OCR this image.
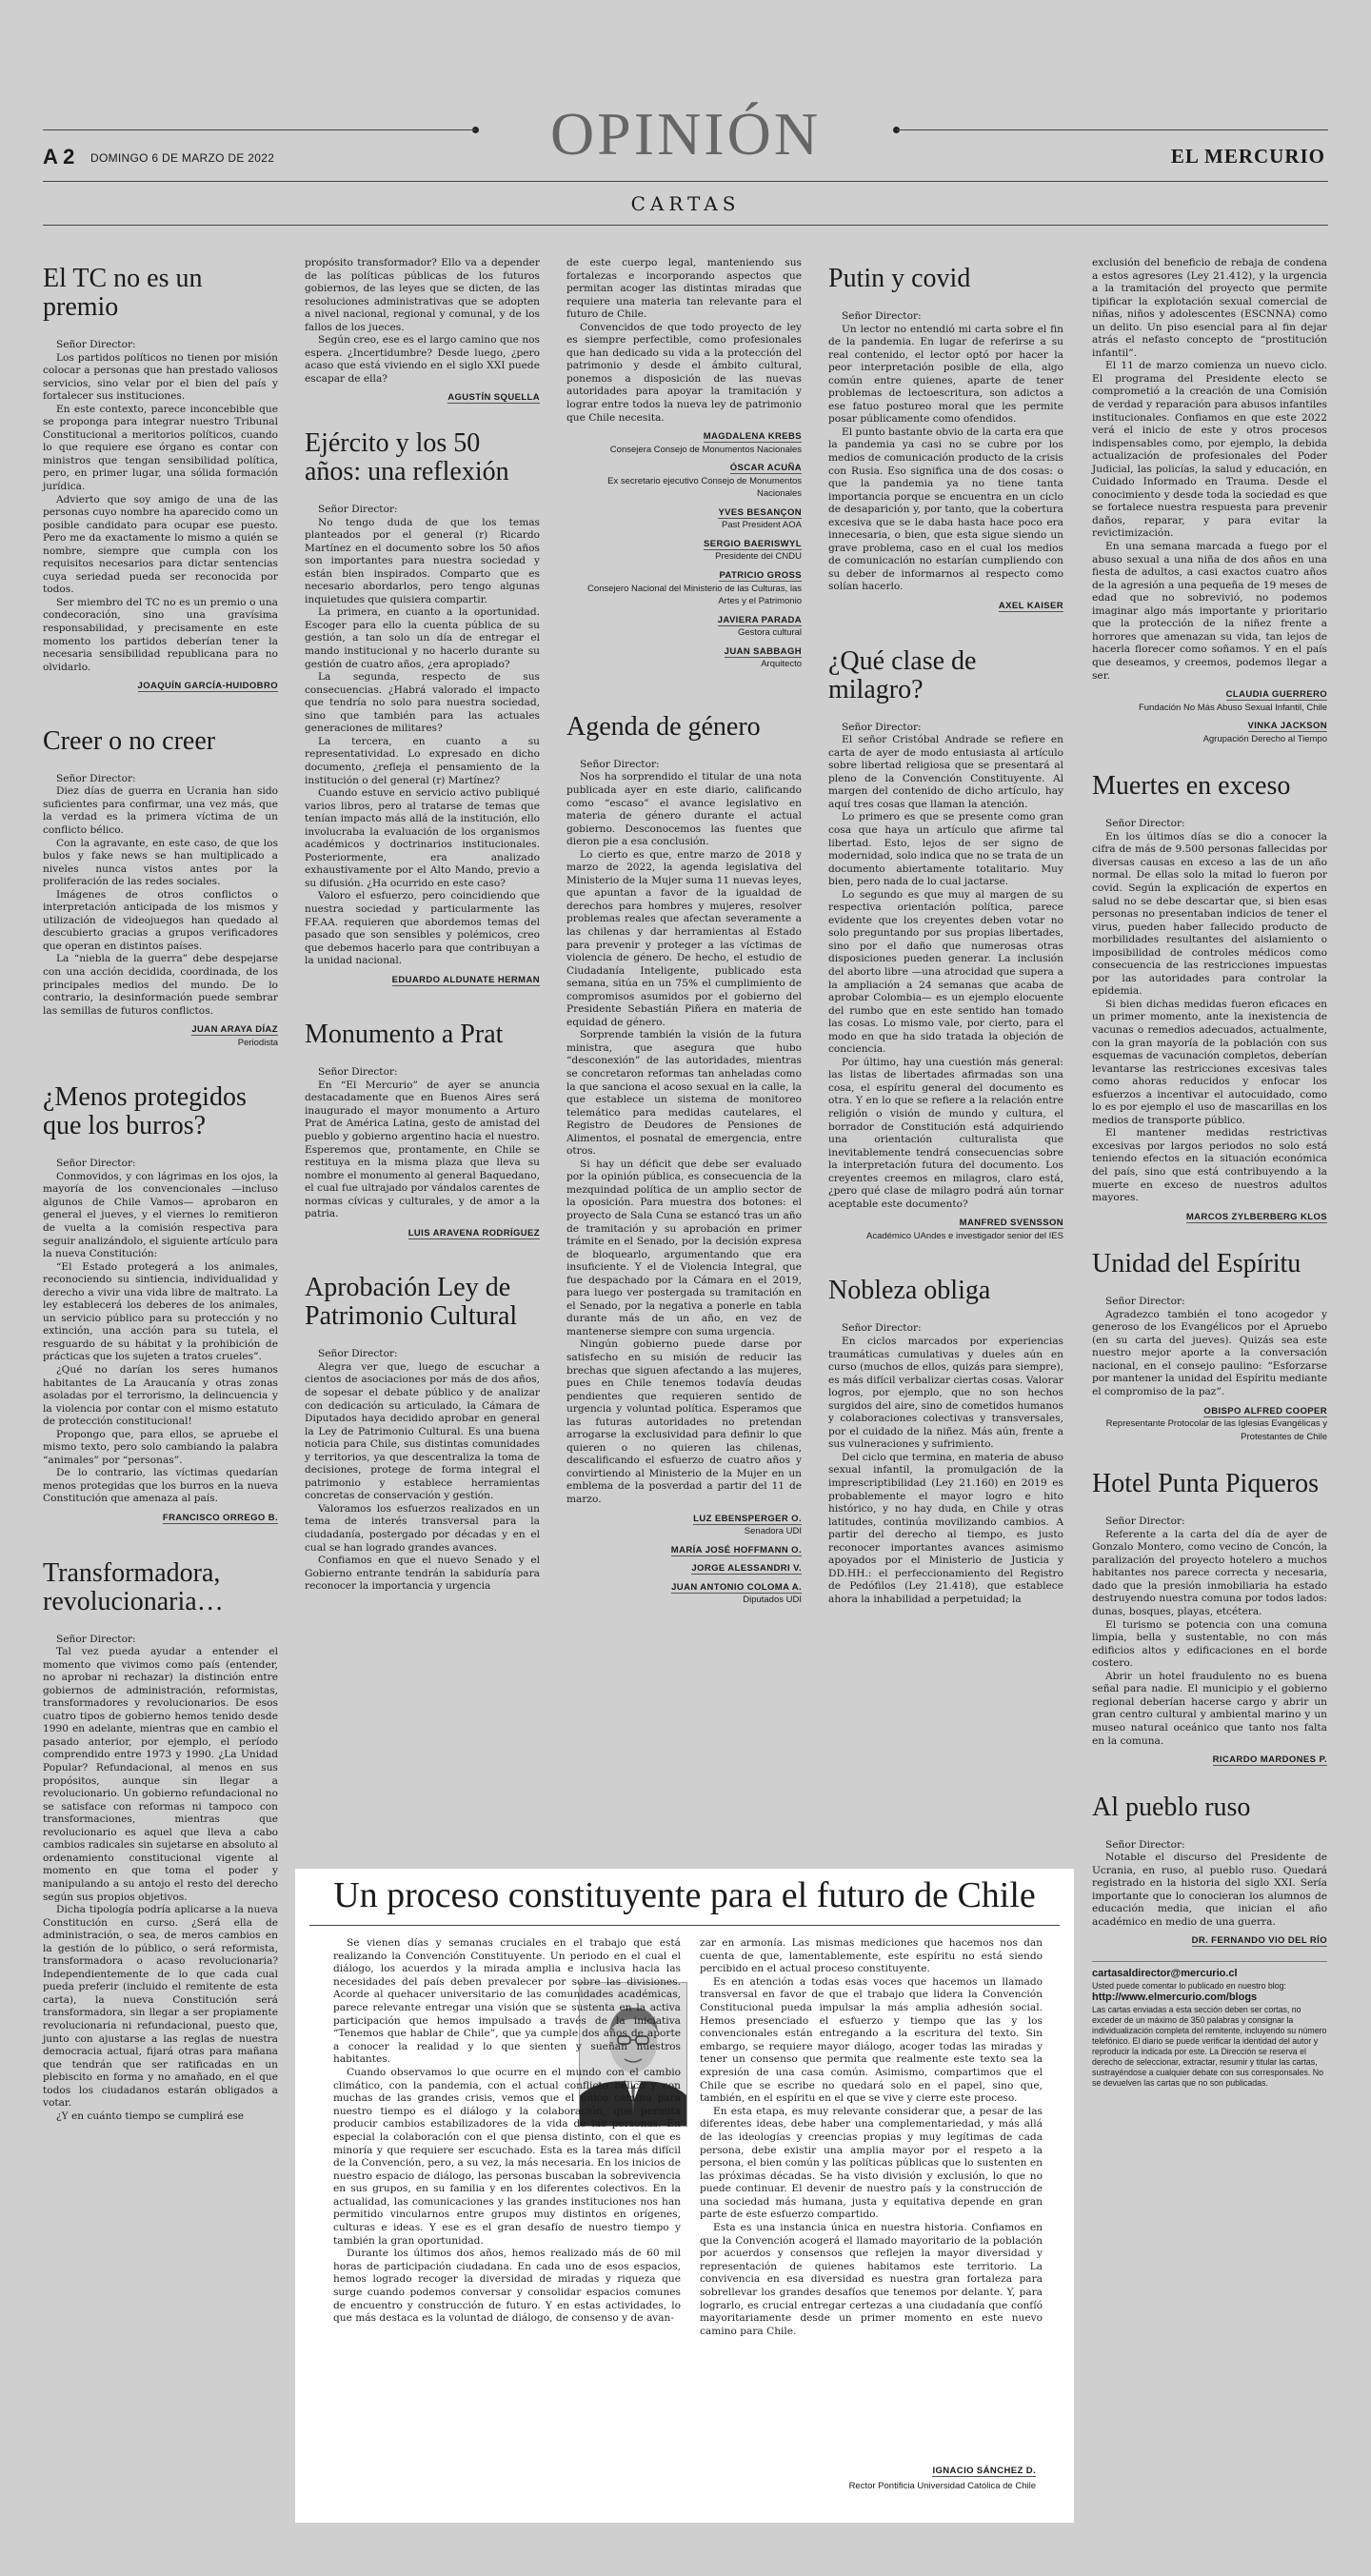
OPINIÓN
A 2 DOMINGO 6 DE MARZO DE 2022	EL MERCURIO
CARTAS
El TC no es un premio

Señor Director:

Los partidos políticos no tienen por misión colocar a personas que han prestado valiosos servicios, sino velar por el bien del país y fortalecer sus instituciones.

En este contexto, parece inconcebible que se proponga para integrar nuestro Tribunal Constitucional a meritorios políticos, cuando lo que requiere ese órgano es contar con ministros que tengan sensibilidad política, pero, en primer lugar, una sólida formación jurídica.

Advierto que soy amigo de una de las personas cuyo nombre ha aparecido como un posible candidato para ocupar ese puesto. Pero me da exactamente lo mismo a quién se nombre, siempre que cumpla con los requisitos necesarios para dictar sentencias cuya seriedad pueda ser reconocida por todos.

Ser miembro del TC no es un premio o una condecoración, sino una gravísima responsabilidad, y precisamente en este momento los partidos deberían tener la necesaria sensibilidad republicana para no olvidarlo.

JOAQUÍN GARCÍA-HUIDOBRO
Creer o no creer

Señor Director:

Diez días de guerra en Ucrania han sido suficientes para confirmar, una vez más, que la verdad es la primera víctima de un conflicto bélico.

Con la agravante, en este caso, de que los bulos y fake news se han multiplicado a niveles nunca vistos antes por la proliferación de las redes sociales.

Imágenes de otros conflictos o interpretación anticipada de los mismos y utilización de videojuegos han quedado al descubierto gracias a grupos verificadores que operan en distintos países.

La “niebla de la guerra” debe despejarse con una acción decidida, coordinada, de los principales medios del mundo. De lo contrario, la desinformación puede sembrar las semillas de futuros conflictos.

JUAN ARAYA DÍAZ
Periodista
¿Menos protegidos que los burros?

Señor Director:

Conmovidos, y con lágrimas en los ojos, la mayoría de los convencionales —incluso algunos de Chile Vamos— aprobaron en general el jueves, y el viernes lo remitieron de vuelta a la comisión respectiva para seguir analizándolo, el siguiente artículo para la nueva Constitución:

“El Estado protegerá a los animales, reconociendo su sintiencia, individualidad y derecho a vivir una vida libre de maltrato. La ley establecerá los deberes de los animales, un servicio público para su protección y no extinción, una acción para su tutela, el resguardo de su hábitat y la prohibición de prácticas que los sujeten a tratos crueles”.

¿Qué no darían los seres humanos habitantes de La Araucanía y otras zonas asoladas por el terrorismo, la delincuencia y la violencia por contar con el mismo estatuto de protección constitucional!

Propongo que, para ellos, se apruebe el mismo texto, pero solo cambiando la palabra “animales” por “personas”.

De lo contrario, las víctimas quedarían menos protegidas que los burros en la nueva Constitución que amenaza al país.

FRANCISCO ORREGO B.
Transformadora, revolucionaria…

Señor Director:

Tal vez pueda ayudar a entender el momento que vivimos como país (entender, no aprobar ni rechazar) la distinción entre gobiernos de administración, reformistas, transformadores y revolucionarios. De esos cuatro tipos de gobierno hemos tenido desde 1990 en adelante, mientras que en cambio el pasado anterior, por ejemplo, el período comprendido entre 1973 y 1990. ¿La Unidad Popular? Refundacional, al menos en sus propósitos, aunque sin llegar a revolucionario. Un gobierno refundacional no se satisface con reformas ni tampoco con transformaciones, mientras que revolucionario es aquel que lleva a cabo cambios radicales sin sujetarse en absoluto al ordenamiento constitucional vigente al momento en que toma el poder y manipulando a su antojo el resto del derecho según sus propios objetivos.

Dicha tipología podría aplicarse a la nueva Constitución en curso. ¿Será ella de administración, o sea, de meros cambios en la gestión de lo público, o será reformista, transformadora o acaso revolucionaria? Independientemente de lo que cada cual pueda preferir (incluido el remitente de esta carta), la nueva Constitución será transformadora, sin llegar a ser propiamente revolucionaria ni refundacional, puesto que, junto con ajustarse a las reglas de nuestra democracia actual, fijará otras para mañana que tendrán que ser ratificadas en un plebiscito en forma y no amañado, en el que todos los ciudadanos estarán obligados a votar.

¿Y en cuánto tiempo se cumplirá ese

propósito transformador? Ello va a depender de las políticas públicas de los futuros gobiernos, de las leyes que se dicten, de las resoluciones administrativas que se adopten a nivel nacional, regional y comunal, y de los fallos de los jueces.

Según creo, ese es el largo camino que nos espera. ¿Incertidumbre? Desde luego, ¿pero acaso que está viviendo en el siglo XXI puede escapar de ella?

AGUSTÍN SQUELLA
Ejército y los 50 años: una reflexión

Señor Director:

No tengo duda de que los temas planteados por el general (r) Ricardo Martínez en el documento sobre los 50 años son importantes para nuestra sociedad y están bien inspirados. Comparto que es necesario abordarlos, pero tengo algunas inquietudes que quisiera compartir.

La primera, en cuanto a la oportunidad. Escoger para ello la cuenta pública de su gestión, a tan solo un día de entregar el mando institucional y no hacerlo durante su gestión de cuatro años, ¿era apropiado?

La segunda, respecto de sus consecuencias. ¿Habrá valorado el impacto que tendría no solo para nuestra sociedad, sino que también para las actuales generaciones de militares?

La tercera, en cuanto a su representatividad. Lo expresado en dicho documento, ¿refleja el pensamiento de la institución o del general (r) Martínez?

Cuando estuve en servicio activo publiqué varios libros, pero al tratarse de temas que tenían impacto más allá de la institución, ello involucraba la evaluación de los organismos académicos y doctrinarios institucionales. Posteriormente, era analizado exhaustivamente por el Alto Mando, previo a su difusión. ¿Ha ocurrido en este caso?

Valoro el esfuerzo, pero coincidiendo que nuestra sociedad y particularmente las FF.AA. requieren que abordemos temas del pasado que son sensibles y polémicos, creo que debemos hacerlo para que contribuyan a la unidad nacional.

EDUARDO ALDUNATE HERMAN
Monumento a Prat

Señor Director:

En “El Mercurio” de ayer se anuncia destacadamente que en Buenos Aires será inaugurado el mayor monumento a Arturo Prat de América Latina, gesto de amistad del pueblo y gobierno argentino hacia el nuestro. Esperemos que, prontamente, en Chile se restituya en la misma plaza que lleva su nombre el monumento al general Baquedano, el cual fue ultrajado por vándalos carentes de normas cívicas y culturales, y de amor a la patria.

LUIS ARAVENA RODRÍGUEZ
Aprobación Ley de Patrimonio Cultural

Señor Director:

Alegra ver que, luego de escuchar a cientos de asociaciones por más de dos años, de sopesar el debate público y de analizar con dedicación su articulado, la Cámara de Diputados haya decidido aprobar en general la Ley de Patrimonio Cultural. Es una buena noticia para Chile, sus distintas comunidades y territorios, ya que descentraliza la toma de decisiones, protege de forma integral el patrimonio y establece herramientas concretas de conservación y gestión.

Valoramos los esfuerzos realizados en un tema de interés transversal para la ciudadanía, postergado por décadas y en el cual se han logrado grandes avances.

Confiamos en que el nuevo Senado y el Gobierno entrante tendrán la sabiduría para reconocer la importancia y urgencia

de este cuerpo legal, manteniendo sus fortalezas e incorporando aspectos que permitan acoger las distintas miradas que requiere una materia tan relevante para el futuro de Chile.

Convencidos de que todo proyecto de ley es siempre perfectible, como profesionales que han dedicado su vida a la protección del patrimonio y desde el ámbito cultural, ponemos a disposición de las nuevas autoridades para apoyar la tramitación y lograr entre todos la nueva ley de patrimonio que Chile necesita.

MAGDALENA KREBS
Consejera Consejo de Monumentos Nacionales
ÓSCAR ACUÑA
Ex secretario ejecutivo Consejo de Monumentos Nacionales
YVES BESANÇON
Past President AOA
SERGIO BAERISWYL
Presidente del CNDU
PATRICIO GROSS
Consejero Nacional del Ministerio de las Culturas, las Artes y el Patrimonio
JAVIERA PARADA
Gestora cultural
JUAN SABBAGH
Arquitecto
Agenda de género

Señor Director:

Nos ha sorprendido el titular de una nota publicada ayer en este diario, calificando como “escaso” el avance legislativo en materia de género durante el actual gobierno. Desconocemos las fuentes que dieron pie a esa conclusión.

Lo cierto es que, entre marzo de 2018 y marzo de 2022, la agenda legislativa del Ministerio de la Mujer suma 11 nuevas leyes, que apuntan a favor de la igualdad de derechos para hombres y mujeres, resolver problemas reales que afectan severamente a las chilenas y dar herramientas al Estado para prevenir y proteger a las víctimas de violencia de género. De hecho, el estudio de Ciudadanía Inteligente, publicado esta semana, sitúa en un 75% el cumplimiento de compromisos asumidos por el gobierno del Presidente Sebastián Piñera en materia de equidad de género.

Sorprende también la visión de la futura ministra, que asegura que hubo “desconexión” de las autoridades, mientras se concretaron reformas tan anheladas como la que sanciona el acoso sexual en la calle, la que establece un sistema de monitoreo telemático para medidas cautelares, el Registro de Deudores de Pensiones de Alimentos, el posnatal de emergencia, entre otros.

Si hay un déficit que debe ser evaluado por la opinión pública, es consecuencia de la mezquindad política de un amplio sector de la oposición. Para muestra dos botones: el proyecto de Sala Cuna se estancó tras un año de tramitación y su aprobación en primer trámite en el Senado, por la decisión expresa de bloquearlo, argumentando que era insuficiente. Y el de Violencia Integral, que fue despachado por la Cámara en el 2019, para luego ver postergada su tramitación en el Senado, por la negativa a ponerle en tabla durante más de un año, en vez de mantenerse siempre con suma urgencia.

Ningún gobierno puede darse por satisfecho en su misión de reducir las brechas que siguen afectando a las mujeres, pues en Chile tenemos todavía deudas pendientes que requieren sentido de urgencia y voluntad política. Esperamos que las futuras autoridades no pretendan arrogarse la exclusividad para definir lo que quieren o no quieren las chilenas, descalificando el esfuerzo de cuatro años y convirtiendo al Ministerio de la Mujer en un emblema de la posverdad a partir del 11 de marzo.

LUZ EBENSPERGER O.
Senadora UDI
MARÍA JOSÉ HOFFMANN O.
JORGE ALESSANDRI V.
JUAN ANTONIO COLOMA A.
Diputados UDI
Putin y covid

Señor Director:

Un lector no entendió mi carta sobre el fin de la pandemia. En lugar de referirse a su real contenido, el lector optó por hacer la peor interpretación posible de ella, algo común entre quienes, aparte de tener problemas de lectoescritura, son adictos a ese fatuo postureo moral que les permite posar públicamente como ofendidos.

El punto bastante obvio de la carta era que la pandemia ya casi no se cubre por los medios de comunicación producto de la crisis con Rusia. Eso significa una de dos cosas: o que la pandemia ya no tiene tanta importancia porque se encuentra en un ciclo de desaparición y, por tanto, que la cobertura excesiva que se le daba hasta hace poco era innecesaria, o bien, que esta sigue siendo un grave problema, caso en el cual los medios de comunicación no estarían cumpliendo con su deber de informarnos al respecto como solían hacerlo.

AXEL KAISER
¿Qué clase de milagro?

Señor Director:

El señor Cristóbal Andrade se refiere en carta de ayer de modo entusiasta al artículo sobre libertad religiosa que se presentará al pleno de la Convención Constituyente. Al margen del contenido de dicho artículo, hay aquí tres cosas que llaman la atención.

Lo primero es que se presente como gran cosa que haya un artículo que afirme tal libertad. Esto, lejos de ser signo de modernidad, solo indica que no se trata de un documento abiertamente totalitario. Muy bien, pero nada de lo cual jactarse.

Lo segundo es que muy al margen de su respectiva orientación política, parece evidente que los creyentes deben votar no solo preguntando por sus propias libertades, sino por el daño que numerosas otras disposiciones pueden generar. La inclusión del aborto libre —una atrocidad que supera a la ampliación a 24 semanas que acaba de aprobar Colombia— es un ejemplo elocuente del rumbo que en este sentido han tomado las cosas. Lo mismo vale, por cierto, para el modo en que ha sido tratada la objeción de conciencia.

Por último, hay una cuestión más general: las listas de libertades afirmadas son una cosa, el espíritu general del documento es otra. Y en lo que se refiere a la relación entre religión o visión de mundo y cultura, el borrador de Constitución está adquiriendo una orientación culturalista que inevitablemente tendrá consecuencias sobre la interpretación futura del documento. Los creyentes creemos en milagros, claro está, ¿pero qué clase de milagro podrá aún tornar aceptable este documento?

MANFRED SVENSSON
Académico UAndes e investigador senior del IES
Nobleza obliga

Señor Director:

En ciclos marcados por experiencias traumáticas cumulativas y dueles aún en curso (muchos de ellos, quizás para siempre), es más difícil verbalizar ciertas cosas. Valorar logros, por ejemplo, que no son hechos surgidos del aire, sino de cometidos humanos y colaboraciones colectivas y transversales, por el cuidado de la niñez. Más aún, frente a sus vulneraciones y sufrimiento.

Del ciclo que termina, en materia de abuso sexual infantil, la promulgación de la imprescriptibilidad (Ley 21.160) en 2019 es probablemente el mayor logro e hito histórico, y no hay duda, en Chile y otras latitudes, continúa movilizando cambios. A partir del derecho al tiempo, es justo reconocer importantes avances asimismo apoyados por el Ministerio de Justicia y DD.HH.: el perfeccionamiento del Registro de Pedófilos (Ley 21.418), que establece ahora la inhabilidad a perpetuidad; la

exclusión del beneficio de rebaja de condena a estos agresores (Ley 21.412), y la urgencia a la tramitación del proyecto que permite tipificar la explotación sexual comercial de niñas, niños y adolescentes (ESCNNA) como un delito. Un piso esencial para al fin dejar atrás el nefasto concepto de “prostitución infantil”.

El 11 de marzo comienza un nuevo ciclo. El programa del Presidente electo se comprometió a la creación de una Comisión de verdad y reparación para abusos infantiles institucionales. Confiamos en que este 2022 verá el inicio de este y otros procesos indispensables como, por ejemplo, la debida actualización de profesionales del Poder Judicial, las policías, la salud y educación, en Cuidado Informado en Trauma. Desde el conocimiento y desde toda la sociedad es que se fortalece nuestra respuesta para prevenir daños, reparar, y para evitar la revictimización.

En una semana marcada a fuego por el abuso sexual a una niña de dos años en una fiesta de adultos, a casi exactos cuatro años de la agresión a una pequeña de 19 meses de edad que no sobrevivió, no podemos imaginar algo más importante y prioritario que la protección de la niñez frente a horrores que amenazan su vida, tan lejos de hacerla florecer como soñamos. Y en el país que deseamos, y creemos, podemos llegar a ser.

CLAUDIA GUERRERO
Fundación No Más Abuso Sexual Infantil, Chile
VINKA JACKSON
Agrupación Derecho al Tiempo
Muertes en exceso

Señor Director:

En los últimos días se dio a conocer la cifra de más de 9.500 personas fallecidas por diversas causas en exceso a las de un año normal. De ellas solo la mitad lo fueron por covid. Según la explicación de expertos en salud no se debe descartar que, si bien esas personas no presentaban indicios de tener el virus, pueden haber fallecido producto de morbilidades resultantes del aislamiento o imposibilidad de controles médicos como consecuencia de las restricciones impuestas por las autoridades para controlar la epidemia.

Si bien dichas medidas fueron eficaces en un primer momento, ante la inexistencia de vacunas o remedios adecuados, actualmente, con la gran mayoría de la población con sus esquemas de vacunación completos, deberían levantarse las restricciones excesivas tales como ahoras reducidos y enfocar los esfuerzos a incentivar el autocuidado, como lo es por ejemplo el uso de mascarillas en los medios de transporte público.

El mantener medidas restrictivas excesivas por largos periodos no solo está teniendo efectos en la situación económica del país, sino que está contribuyendo a la muerte en exceso de nuestros adultos mayores.

MARCOS ZYLBERBERG KLOS
Unidad del Espíritu

Señor Director:

Agradezco también el tono acogedor y generoso de los Evangélicos por el Apruebo (en su carta del jueves). Quizás sea este nuestro mejor aporte a la conversación nacional, en el consejo paulino: “Esforzarse por mantener la unidad del Espíritu mediante el compromiso de la paz”.

OBISPO ALFRED COOPER
Representante Protocolar de las Iglesias Evangélicas y Protestantes de Chile
Hotel Punta Piqueros

Señor Director:

Referente a la carta del día de ayer de Gonzalo Montero, como vecino de Concón, la paralización del proyecto hotelero a muchos habitantes nos parece correcta y necesaria, dado que la presión inmobiliaria ha estado destruyendo nuestra comuna por todos lados: dunas, bosques, playas, etcétera.

El turismo se potencia con una comuna limpia, bella y sustentable, no con más edificios altos y edificaciones en el borde costero.

Abrir un hotel fraudulento no es buena señal para nadie. El municipio y el gobierno regional deberían hacerse cargo y abrir un gran centro cultural y ambiental marino y un museo natural oceánico que tanto nos falta en la comuna.

RICARDO MARDONES P.
Al pueblo ruso

Señor Director:

Notable el discurso del Presidente de Ucrania, en ruso, al pueblo ruso. Quedará registrado en la historia del siglo XXI. Sería importante que lo conocieran los alumnos de educación media, que inician el año académico en medio de una guerra.

DR. FERNANDO VIO DEL RÍO
cartasaldirector@mercurio.cl
Usted puede comentar lo publicado en nuestro blog:
http://www.elmercurio.com/blogs
Las cartas enviadas a esta sección deben ser cortas, no exceder de un máximo de 350 palabras y consignar la individualización completa del remitente, incluyendo su número telefónico. El diario se puede verificar la identidad del autor y reproducir la indicada por este. La Dirección se reserva el derecho de seleccionar, extractar, resumir y titular las cartas, sustrayéndose a cualquier debate con sus corresponsales. No se devuelven las cartas que no son publicadas.
Un proceso constituyente para el futuro de Chile

Se vienen días y semanas cruciales en el trabajo que está realizando la Convención Constituyente. Un periodo en el cual el diálogo, los acuerdos y la mirada amplia e inclusiva hacia las necesidades del país deben prevalecer por sobre las divisiones. Acorde al quehacer universitario de las comunidades académicas, parece relevante entregar una visión que se sustenta en la activa participación que hemos impulsado a través de la iniciativa “Tenemos que hablar de Chile”, que ya cumple dos años de aporte a conocer la realidad y lo que sienten y sueñan nuestros habitantes.

Cuando observamos lo que ocurre en el mundo con el cambio climático, con la pandemia, con el actual conflicto bélico y con muchas de las grandes crisis, vemos que el único camino para nuestro tiempo es el diálogo y la colaboración, que permita producir cambios estabilizadores de la vida de las personas. En especial la colaboración con el que piensa distinto, con el que es minoría y que requiere ser escuchado. Esta es la tarea más difícil de la Convención, pero, a su vez, la más necesaria. En los inicios de nuestro espacio de diálogo, las personas buscaban la sobrevivencia en sus grupos, en su familia y en los diferentes colectivos. En la actualidad, las comunicaciones y las grandes instituciones nos han permitido vincularnos entre grupos muy distintos en orígenes, culturas e ideas. Y ese es el gran desafío de nuestro tiempo y también la gran oportunidad.

Durante los últimos dos años, hemos realizado más de 60 mil horas de participación ciudadana. En cada uno de esos espacios, hemos logrado recoger la diversidad de miradas y riqueza que surge cuando podemos conversar y consolidar espacios comunes de encuentro y construcción de futuro. Y en estas actividades, lo que más destaca es la voluntad de diálogo, de consenso y de avan-

zar en armonía. Las mismas mediciones que hacemos nos dan cuenta de que, lamentablemente, este espíritu no está siendo percibido en el actual proceso constituyente.

Es en atención a todas esas voces que hacemos un llamado transversal en favor de que el trabajo que lidera la Convención Constitucional pueda impulsar la más amplia adhesión social. Hemos presenciado el esfuerzo y tiempo que las y los convencionales están entregando a la escritura del texto. Sin embargo, se requiere mayor diálogo, acoger todas las miradas y tener un consenso que permita que realmente este texto sea la expresión de una casa común. Asimismo, compartimos que el Chile que se escribe no quedará solo en el papel, sino que, también, en el espíritu en el que se vive y cierre este proceso.

En esta etapa, es muy relevante considerar que, a pesar de las diferentes ideas, debe haber una complementariedad, y más allá de las ideologías y creencias propias y muy legítimas de cada persona, debe existir una amplia mayor por el respeto a la persona, el bien común y las políticas públicas que lo sustenten en las próximas décadas. Se ha visto división y exclusión, lo que no puede continuar. El devenir de nuestro país y la construcción de una sociedad más humana, justa y equitativa depende en gran parte de este esfuerzo compartido.

Esta es una instancia única en nuestra historia. Confiamos en que la Convención acogerá el llamado mayoritario de la población por acuerdos y consensos que reflejen la mayor diversidad y representación de quienes habitamos este territorio. La convivencia en esa diversidad es nuestra gran fortaleza para sobrellevar los grandes desafíos que tenemos por delante. Y, para lograrlo, es crucial entregar certezas a una ciudadanía que confíó mayoritariamente desde un primer momento en este nuevo camino para Chile.

IGNACIO SÁNCHEZ D.
Rector Pontificia Universidad Católica de Chile
